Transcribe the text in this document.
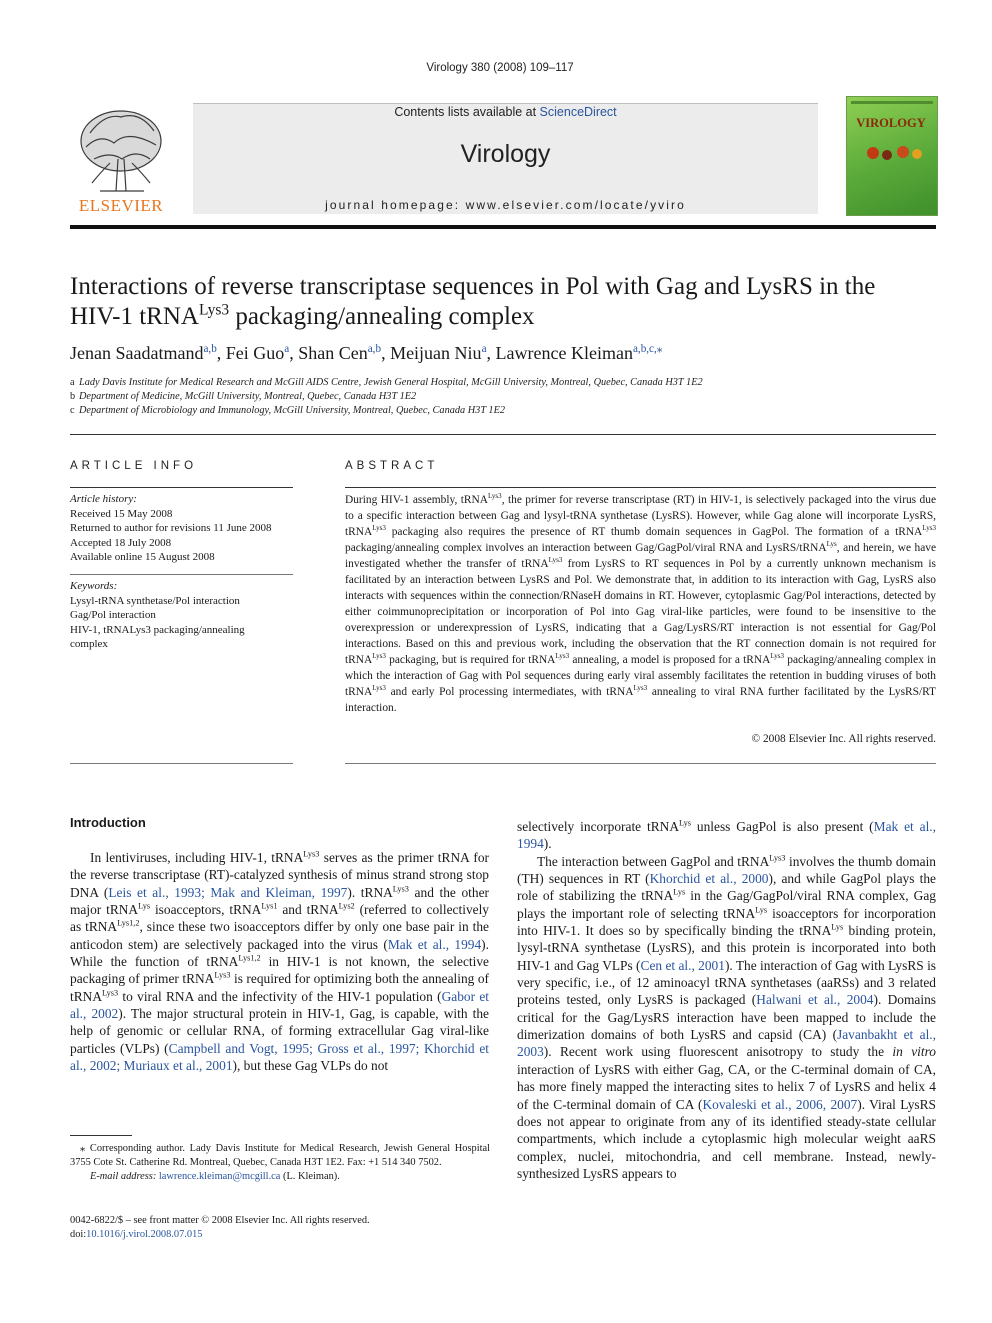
Virology 380 (2008) 109–117
ELSEVIER
Contents lists available at ScienceDirect
Virology
journal homepage: www.elsevier.com/locate/yviro
VIROLOGY
Interactions of reverse transcriptase sequences in Pol with Gag and LysRS in the
HIV-1 tRNA$^{Lys3}$ packaging/annealing complex
Jenan Saadatmand$^{a,b}$, Fei Guo$^a$, Shan Cen$^{a,b}$, Meijuan Niu$^a$, Lawrence Kleiman$^{a,b,c,⁎}$
a Lady Davis Institute for Medical Research and McGill AIDS Centre, Jewish General Hospital, McGill University, Montreal, Quebec, Canada H3T 1E2
b Department of Medicine, McGill University, Montreal, Quebec, Canada H3T 1E2
c Department of Microbiology and Immunology, McGill University, Montreal, Quebec, Canada H3T 1E2
ARTICLE INFO
Article history:
Received 15 May 2008
Returned to author for revisions 11 June 2008
Accepted 18 July 2008
Available online 15 August 2008
Keywords:
Lysyl-tRNA synthetase/Pol interaction
Gag/Pol interaction
HIV-1, tRNALys3 packaging/annealing
complex
ABSTRACT
During HIV-1 assembly, tRNA$^{Lys3}$, the primer for reverse transcriptase (RT) in HIV-1, is selectively packaged into the virus due to a specific interaction between Gag and lysyl-tRNA synthetase (LysRS). However, while Gag alone will incorporate LysRS, tRNA$^{Lys3}$ packaging also requires the presence of RT thumb domain sequences in GagPol. The formation of a tRNA$^{Lys3}$ packaging/annealing complex involves an interaction between Gag/GagPol/viral RNA and LysRS/tRNA$^{Lys}$, and herein, we have investigated whether the transfer of tRNA$^{Lys3}$ from LysRS to RT sequences in Pol by a currently unknown mechanism is facilitated by an interaction between LysRS and Pol. We demonstrate that, in addition to its interaction with Gag, LysRS also interacts with sequences within the connection/RNaseH domains in RT. However, cytoplasmic Gag/Pol interactions, detected by either coimmunoprecipitation or incorporation of Pol into Gag viral-like particles, were found to be insensitive to the overexpression or underexpression of LysRS, indicating that a Gag/LysRS/RT interaction is not essential for Gag/Pol interactions. Based on this and previous work, including the observation that the RT connection domain is not required for tRNA$^{Lys3}$ packaging, but is required for tRNA$^{Lys3}$ annealing, a model is proposed for a tRNA$^{Lys3}$ packaging/annealing complex in which the interaction of Gag with Pol sequences during early viral assembly facilitates the retention in budding viruses of both tRNA$^{Lys3}$ and early Pol processing intermediates, with tRNA$^{Lys3}$ annealing to viral RNA further facilitated by the LysRS/RT interaction.
© 2008 Elsevier Inc. All rights reserved.
Introduction
In lentiviruses, including HIV-1, tRNA$^{Lys3}$ serves as the primer tRNA for the reverse transcriptase (RT)-catalyzed synthesis of minus strand strong stop DNA (Leis et al., 1993; Mak and Kleiman, 1997). tRNA$^{Lys3}$ and the other major tRNA$^{Lys}$ isoacceptors, tRNA$^{Lys1}$ and tRNA$^{Lys2}$ (referred to collectively as tRNA$^{Lys1,2}$, since these two isoacceptors differ by only one base pair in the anticodon stem) are selectively packaged into the virus (Mak et al., 1994). While the function of tRNA$^{Lys1,2}$ in HIV-1 is not known, the selective packaging of primer tRNA$^{Lys3}$ is required for optimizing both the annealing of tRNA$^{Lys3}$ to viral RNA and the infectivity of the HIV-1 population (Gabor et al., 2002). The major structural protein in HIV-1, Gag, is capable, with the help of genomic or cellular RNA, of forming extracellular Gag viral-like particles (VLPs) (Campbell and Vogt, 1995; Gross et al., 1997; Khorchid et al., 2002; Muriaux et al., 2001), but these Gag VLPs do not
selectively incorporate tRNA$^{Lys}$ unless GagPol is also present (Mak et al., 1994).
The interaction between GagPol and tRNA$^{Lys3}$ involves the thumb domain (TH) sequences in RT (Khorchid et al., 2000), and while GagPol plays the role of stabilizing the tRNA$^{Lys}$ in the Gag/GagPol/viral RNA complex, Gag plays the important role of selecting tRNA$^{Lys}$ isoacceptors for incorporation into HIV-1. It does so by specifically binding the tRNA$^{Lys}$ binding protein, lysyl-tRNA synthetase (LysRS), and this protein is incorporated into both HIV-1 and Gag VLPs (Cen et al., 2001). The interaction of Gag with LysRS is very specific, i.e., of 12 aminoacyl tRNA synthetases (aaRSs) and 3 related proteins tested, only LysRS is packaged (Halwani et al., 2004). Domains critical for the Gag/LysRS interaction have been mapped to include the dimerization domains of both LysRS and capsid (CA) (Javanbakht et al., 2003). Recent work using fluorescent anisotropy to study the in vitro interaction of LysRS with either Gag, CA, or the C-terminal domain of CA, has more finely mapped the interacting sites to helix 7 of LysRS and helix 4 of the C-terminal domain of CA (Kovaleski et al., 2006, 2007). Viral LysRS does not appear to originate from any of its identified steady-state cellular compartments, which include a cytoplasmic high molecular weight aaRS complex, nuclei, mitochondria, and cell membrane. Instead, newly-synthesized LysRS appears to
⁎ Corresponding author. Lady Davis Institute for Medical Research, Jewish General Hospital 3755 Cote St. Catherine Rd. Montreal, Quebec, Canada H3T 1E2. Fax: +1 514 340 7502.
E-mail address: lawrence.kleiman@mcgill.ca (L. Kleiman).
0042-6822/$ – see front matter © 2008 Elsevier Inc. All rights reserved.
doi:10.1016/j.virol.2008.07.015
